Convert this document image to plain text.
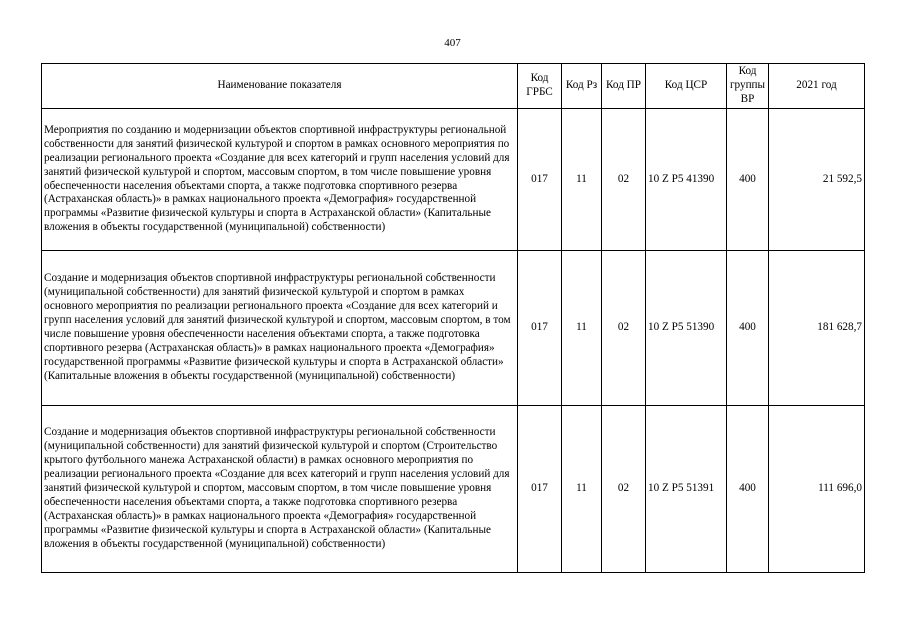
407
Наименование показателя	Код ГРБС	Код Рз	Код ПР	Код ЦСР	Код группы ВР	2021 год
Мероприятия по созданию и модернизации объектов спортивной инфраструктуры региональной собственности для занятий физической культурой и спортом в рамках основного мероприятия по реализации регионального проекта «Создание для всех категорий и групп населения условий для занятий физической культурой и спортом, массовым спортом, в том числе повышение уровня обеспеченности населения объектами спорта, а также подготовка спортивного резерва (Астраханская область)» в рамках национального проекта «Демография» государственной программы «Развитие физической культуры и спорта в Астраханской области» (Капитальные вложения в объекты государственной (муниципальной) собственности)	017	11	02	10 Z P5 41390	400	21 592,5
Создание и модернизация объектов спортивной инфраструктуры региональной собственности (муниципальной собственности) для занятий физической культурой и спортом в рамках основного мероприятия по реализации регионального проекта «Создание для всех категорий и групп населения условий для занятий физической культурой и спортом, массовым спортом, в том числе повышение уровня обеспеченности населения объектами спорта, а также подготовка спортивного резерва (Астраханская область)» в рамках национального проекта «Демография» государственной программы «Развитие физической культуры и спорта в Астраханской области» (Капитальные вложения в объекты государственной (муниципальной) собственности)	017	11	02	10 Z P5 51390	400	181 628,7
Создание и модернизация объектов спортивной инфраструктуры региональной собственности (муниципальной собственности) для занятий физической культурой и спортом (Строительство крытого футбольного манежа Астраханской области) в рамках основного мероприятия по реализации регионального проекта «Создание для всех категорий и групп населения условий для занятий физической культурой и спортом, массовым спортом, в том числе повышение уровня обеспеченности населения объектами спорта, а также подготовка спортивного резерва (Астраханская область)» в рамках национального проекта «Демография» государственной программы «Развитие физической культуры и спорта в Астраханской области» (Капитальные вложения в объекты государственной (муниципальной) собственности)	017	11	02	10 Z P5 51391	400	111 696,0
